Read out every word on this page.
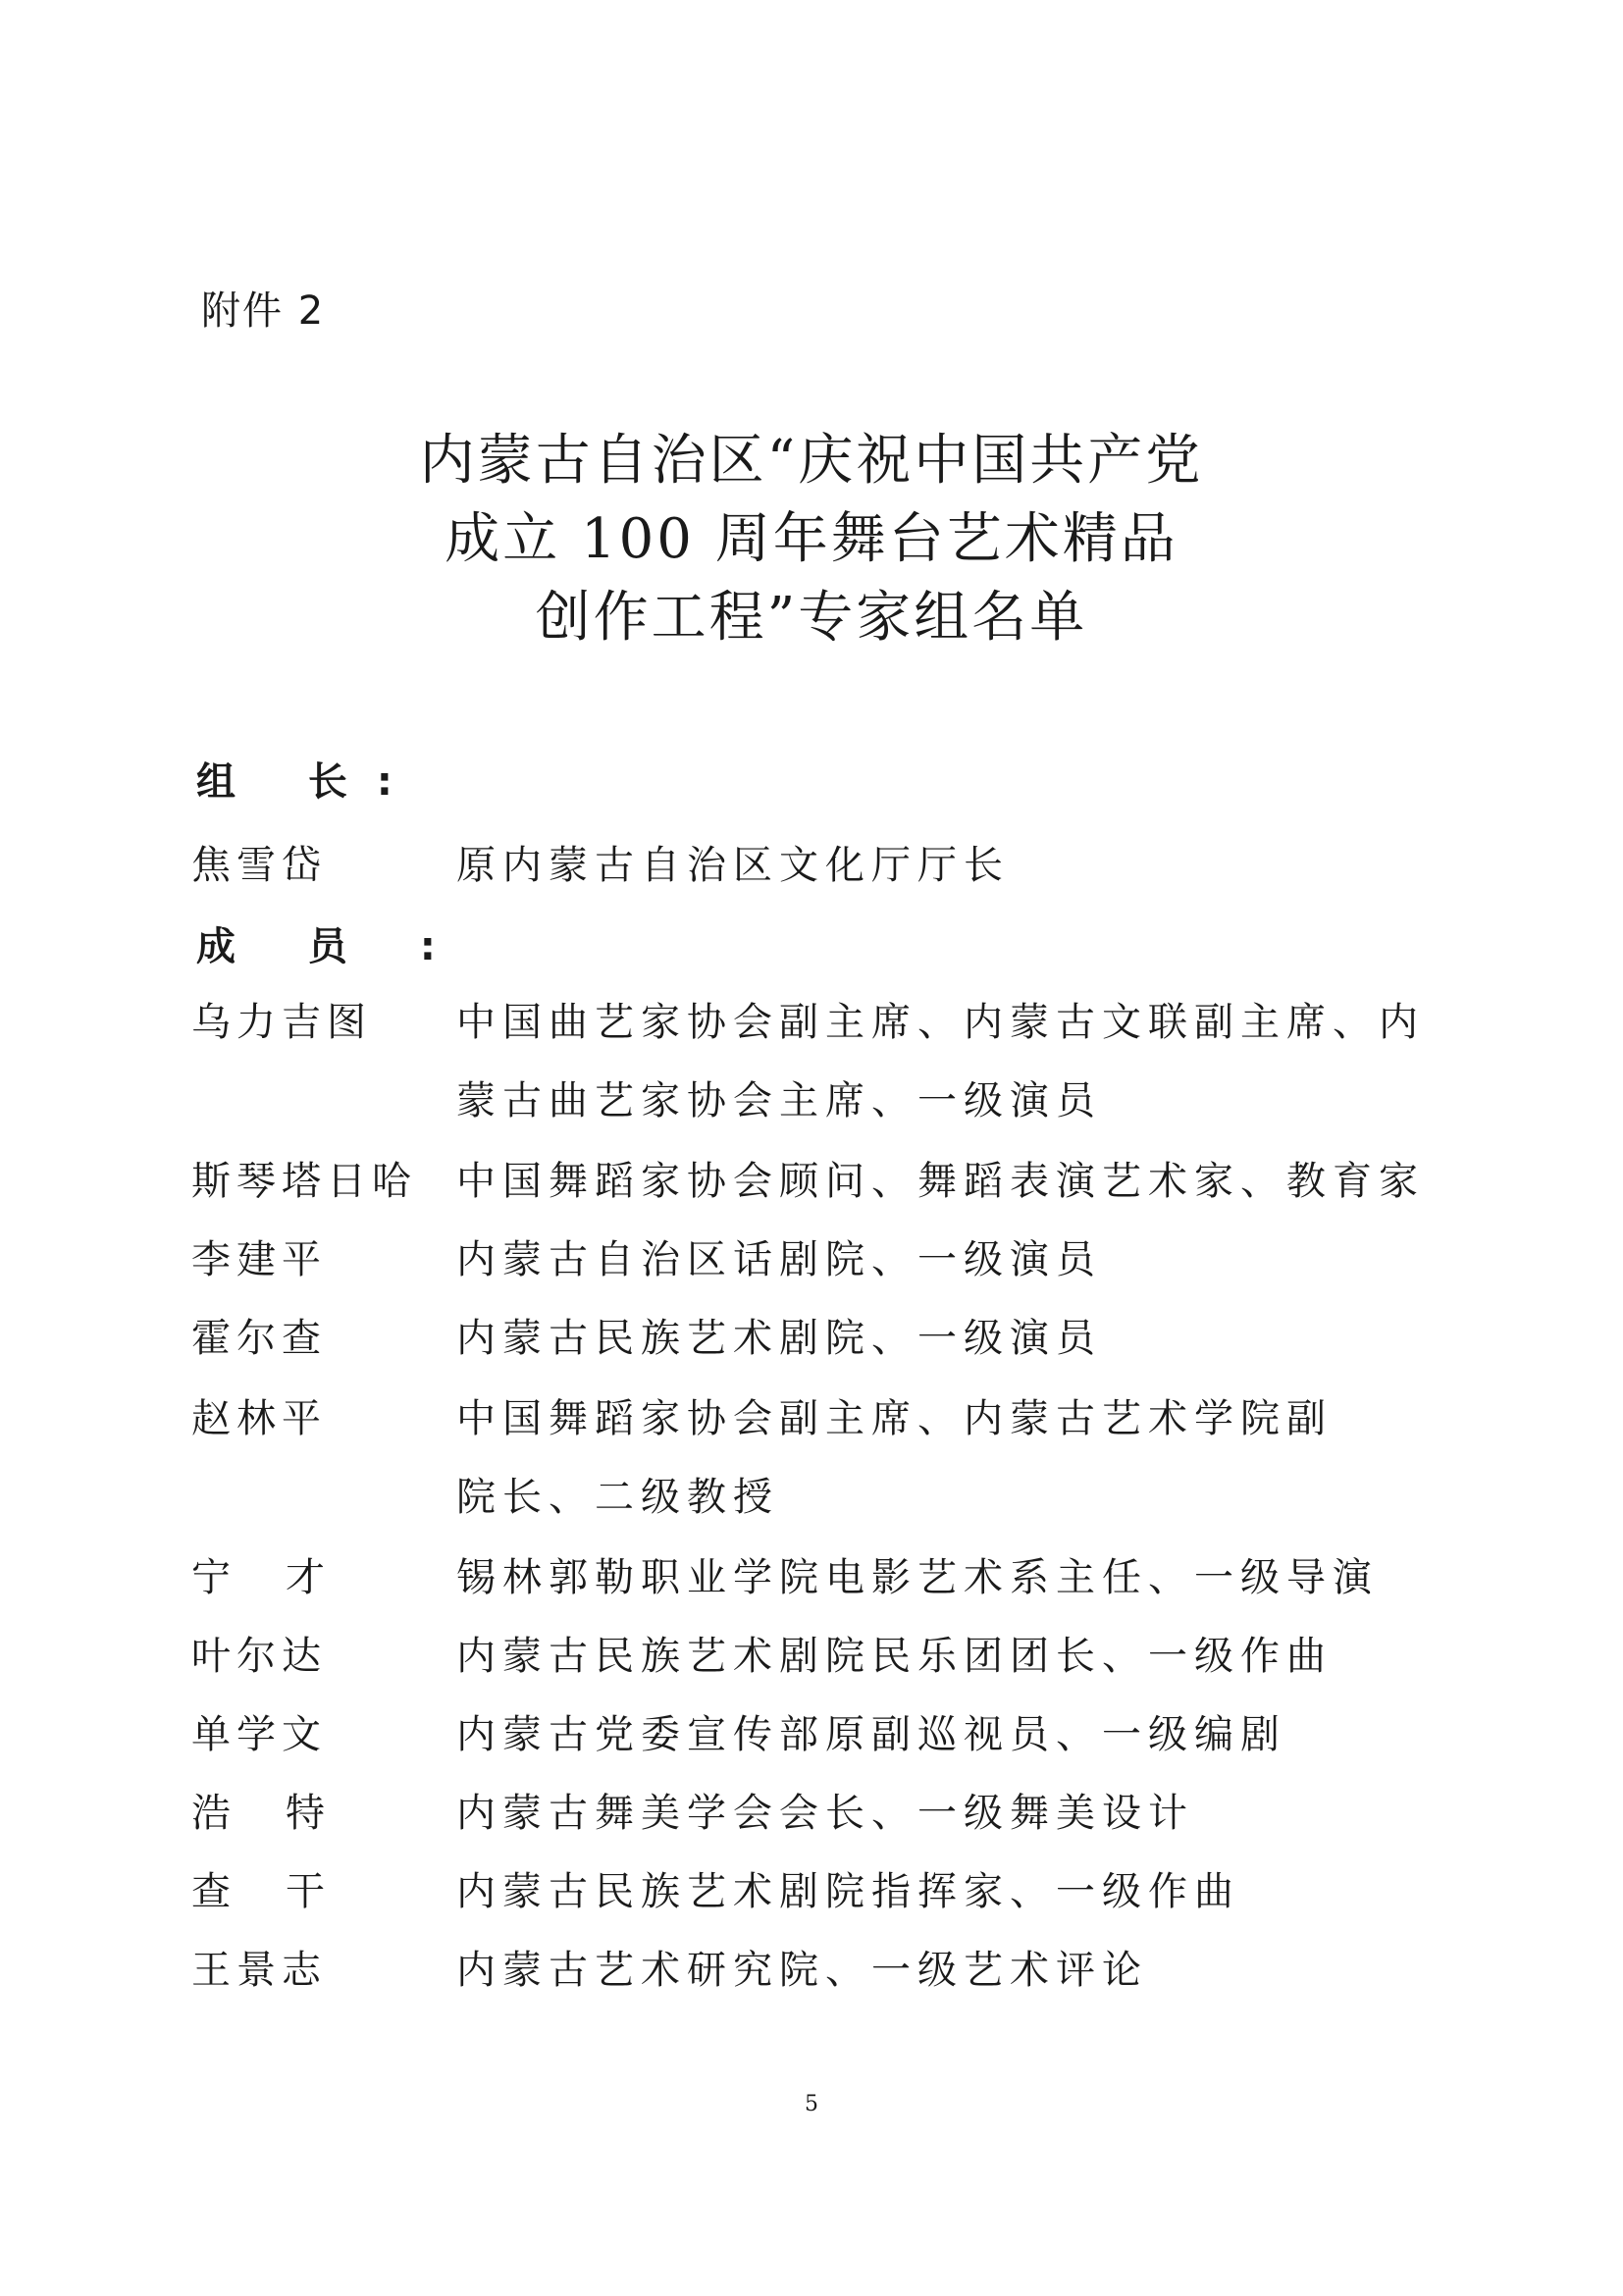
附件 2
内蒙古自治区“庆祝中国共产党
成立 100 周年舞台艺术精品
创作工程”专家组名单
组 长:
焦雪岱	原内蒙古自治区文化厅厅长
成 员 :
乌力吉图	中国曲艺家协会副主席、内蒙古文联副主席、内
蒙古曲艺家协会主席、一级演员
斯琴塔日哈	中国舞蹈家协会顾问、舞蹈表演艺术家、教育家
李建平	内蒙古自治区话剧院、一级演员
霍尔查	内蒙古民族艺术剧院、一级演员
赵林平	中国舞蹈家协会副主席、内蒙古艺术学院副
院长、二级教授
宁才	锡林郭勒职业学院电影艺术系主任、一级导演
叶尔达	内蒙古民族艺术剧院民乐团团长、一级作曲
单学文	内蒙古党委宣传部原副巡视员、一级编剧
浩特	内蒙古舞美学会会长、一级舞美设计
查干	内蒙古民族艺术剧院指挥家、一级作曲
王景志	内蒙古艺术研究院、一级艺术评论
5
